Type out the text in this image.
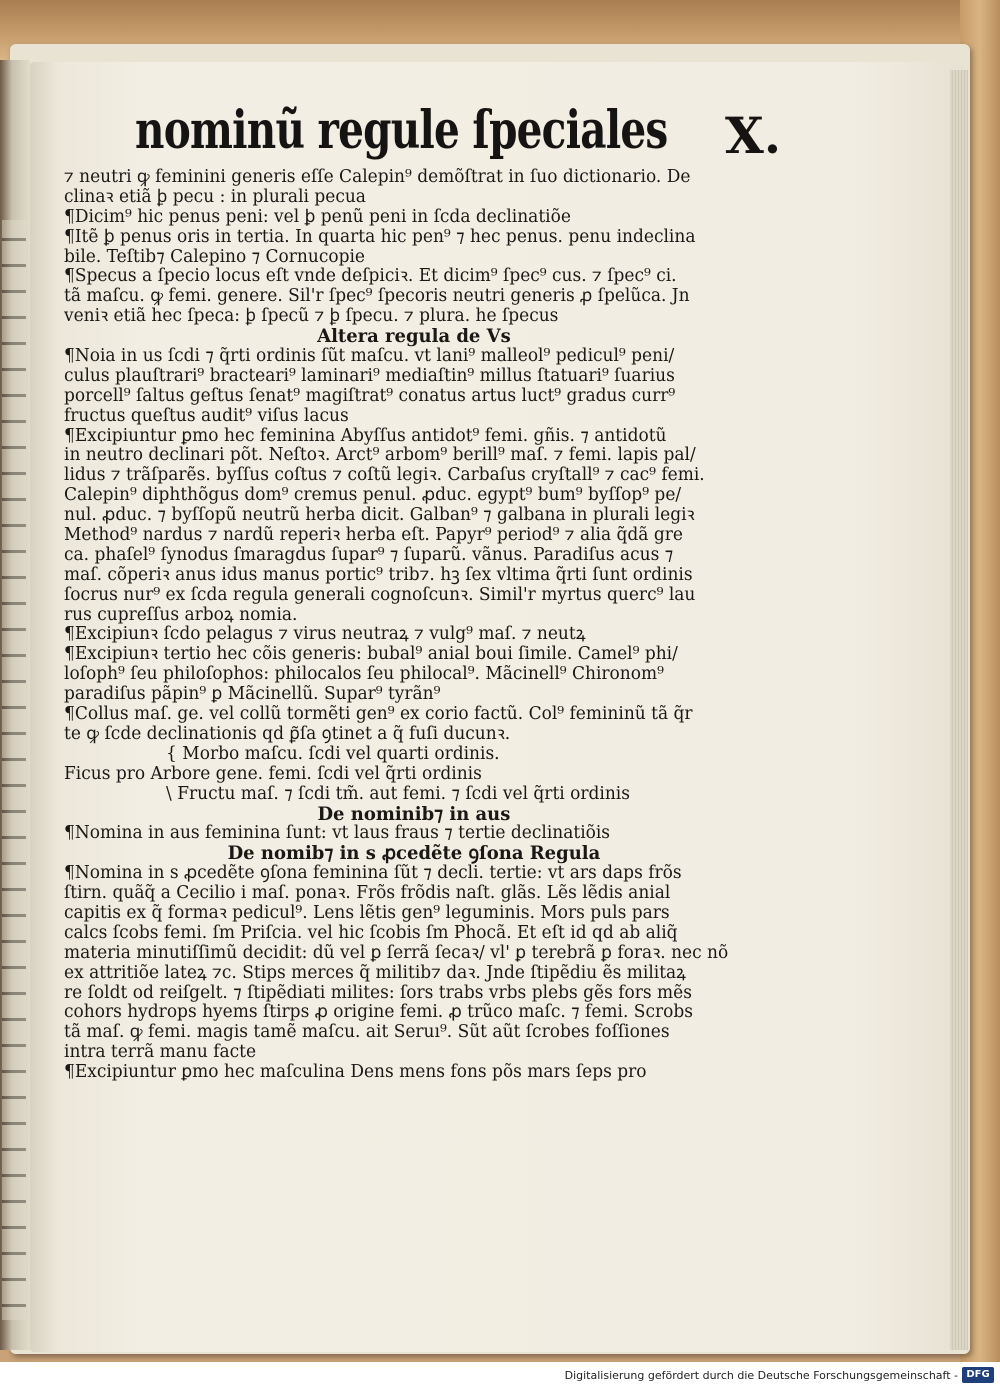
nominũ regule ſpeciales X.
⁊ neutri ꝙ feminini generis eſſe Calepin⁹ demõſtrat in ſuo dictionario. De
clinaꝛ etiã ꝧ pecu : in plurali pecua
¶Dicim⁹ hic penus peni: vel ꝧ penũ peni in ſcda declinatiõe
¶Itẽ ꝧ penus oris in tertia. In quarta hic pen⁹ ⁊ hec penus. penu indeclina
bile. Teſtib⁊ Calepino ⁊ Cornucopie
¶Specus a ſpecio locus eſt vnde deſpiciꝛ. Et dicim⁹ ſpec⁹ cus. ⁊ ſpec⁹ ci.
tã maſcu. ꝙ femi. genere. Sil'r ſpec⁹ ſpecoris neutri generis ꝓ ſpelũca. Jn
veniꝛ etiã hec ſpeca: ꝧ ſpecũ ⁊ ꝧ ſpecu. ⁊ plura. he ſpecus
Altera regula de Vs
¶Noia in us ſcdi ⁊ q̃rti ordinis ſũt maſcu. vt lani⁹ malleol⁹ pedicul⁹ peni/
culus plauſtrari⁹ bracteari⁹ laminari⁹ mediaſtin⁹ millus ſtatuari⁹ ſuarius
porcell⁹ ſaltus geſtus ſenat⁹ magiſtrat⁹ conatus artus luct⁹ gradus curr⁹
fructus queſtus audit⁹ viſus lacus
¶Excipiuntur ꝑmo hec feminina Abyſſus antidot⁹ femi. gñis. ⁊ antidotũ
in neutro declinari põt. Neſtoꝛ. Arct⁹ arbom⁹ berill⁹ maſ. ⁊ femi. lapis pal/
lidus ⁊ trãſparẽs. byſſus coſtus ⁊ coſtũ legiꝛ. Carbaſus cryſtall⁹ ⁊ cac⁹ femi.
Calepin⁹ diphthõgus dom⁹ cremus penul. ꝓduc. egypt⁹ bum⁹ byſſop⁹ pe/
nul. ꝓduc. ⁊ byſſopũ neutrũ herba dicit. Galban⁹ ⁊ galbana in plurali legiꝛ
Method⁹ nardus ⁊ nardũ reperiꝛ herba eſt. Papyr⁹ period⁹ ⁊ alia q̃dã gre
ca. phaſel⁹ ſynodus ſmaragdus ſupar⁹ ⁊ ſuparũ. vãnus. Paradiſus acus ⁊
maſ. cõperiꝛ anus idus manus portic⁹ trib⁊. hꝫ ſex vltima q̃rti ſunt ordinis
ſocrus nur⁹ ex ſcda regula generali cognoſcunꝛ. Simil'r myrtus querc⁹ lau
rus cupreſſus arboꝝ nomia.
¶Excipiunꝛ ſcdo pelagus ⁊ virus neutraꝝ ⁊ vulg⁹ maſ. ⁊ neutꝝ
¶Excipiunꝛ tertio hec cõis generis: bubal⁹ anial boui ſimile. Camel⁹ phi/
loſoph⁹ ſeu philoſophos: philocalos ſeu philocal⁹. Mãcinell⁹ Chironom⁹
paradiſus pãpin⁹ ꝑ Mãcinellũ. Supar⁹ tyrãn⁹
¶Collus maſ. ge. vel collũ tormẽti gen⁹ ex corio factũ. Col⁹ femininũ tã q̃r
te ꝙ ſcde declinationis qd ꝑ̃ſa ꝯtinet a q̃ fuſi ducunꝛ.
{ Morbo maſcu. ſcdi vel quarti ordinis.
Ficus pro Arbore gene. femi. ſcdi vel q̃rti ordinis
\ Fructu maſ. ⁊ ſcdi tm̃. aut femi. ⁊ ſcdi vel q̃rti ordinis
De nominib⁊ in aus
¶Nomina in aus feminina ſunt: vt laus fraus ⁊ tertie declinatiõis
De nomib⁊ in s ꝓcedẽte ꝯſona Regula
¶Nomina in s ꝓcedẽte ꝯſona feminina ſũt ⁊ decli. tertie: vt ars daps frõs
ſtirn. quãq̃ a Cecilio i maſ. ponaꝛ. Frõs frõdis naſt. glãs. Lẽs lẽdis anial
capitis ex q̃ formaꝛ pedicul⁹. Lens lẽtis gen⁹ leguminis. Mors puls pars
calcs ſcobs femi. ſm Priſcia. vel hic ſcobis ſm Phocã. Et eſt id qd ab aliq̃
materia minutiſſimũ decidit: dũ vel ꝑ ſerrã ſecaꝛ/ vl' ꝑ terebrã ꝑ foraꝛ. nec nõ
ex attritiõe lateꝝ ⁊c. Stips merces q̃ militib⁊ daꝛ. Jnde ſtipẽdiu ẽs militaꝝ
re ſoldt od reiſgelt. ⁊ ſtipẽdiati milites: ſors trabs vrbs plebs gẽs fors mẽs
cohors hydrops hyems ſtirps ꝓ origine femi. ꝓ trũco maſc. ⁊ femi. Scrobs
tã maſ. ꝙ femi. magis tamẽ maſcu. ait Seruı⁹. Sũt aũt ſcrobes foſſiones
intra terrã manu facte
¶Excipiuntur ꝑmo hec maſculina Dens mens fons põs mars ſeps pro
Digitalisierung gefördert durch die Deutsche Forschungsgemeinschaft - DFG
